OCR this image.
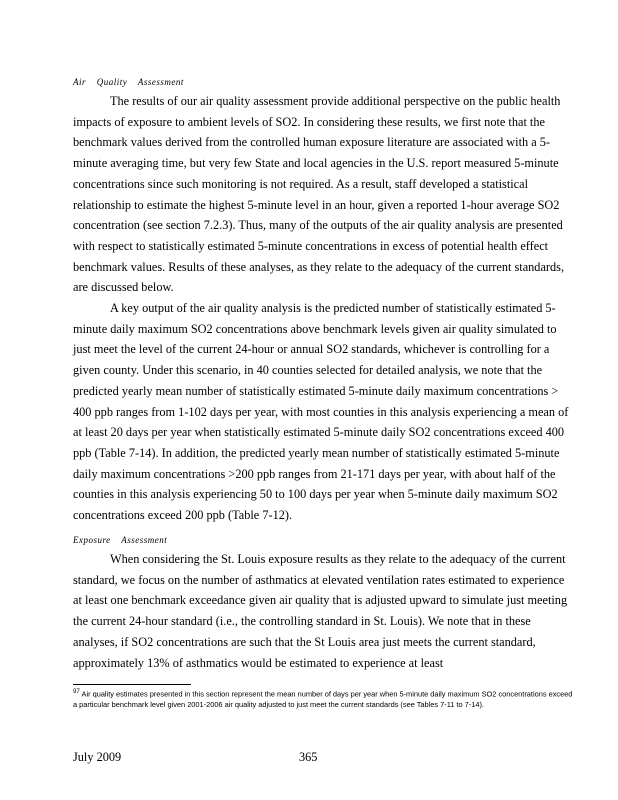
Air Quality Assessment

The results of our air quality assessment provide additional perspective on the public health impacts of exposure to ambient levels of SO2. In considering these results, we first note that the benchmark values derived from the controlled human exposure literature are associated with a 5-minute averaging time, but very few State and local agencies in the U.S. report measured 5-minute concentrations since such monitoring is not required. As a result, staff developed a statistical relationship to estimate the highest 5-minute level in an hour, given a reported 1-hour average SO2 concentration (see section 7.2.3). Thus, many of the outputs of the air quality analysis are presented with respect to statistically estimated 5-minute concentrations in excess of potential health effect benchmark values. Results of these analyses, as they relate to the adequacy of the current standards, are discussed below.

A key output of the air quality analysis is the predicted number of statistically estimated 5-minute daily maximum SO2 concentrations above benchmark levels given air quality simulated to just meet the level of the current 24-hour or annual SO2 standards, whichever is controlling for a given county. Under this scenario, in 40 counties selected for detailed analysis, we note that the predicted yearly mean number of statistically estimated 5-minute daily maximum concentrations > 400 ppb ranges from 1-102 days per year, with most counties in this analysis experiencing a mean of at least 20 days per year when statistically estimated 5-minute daily SO2 concentrations exceed 400 ppb (Table 7-14). In addition, the predicted yearly mean number of statistically estimated 5-minute daily maximum concentrations >200 ppb ranges from 21-171 days per year, with about half of the counties in this analysis experiencing 50 to 100 days per year when 5-minute daily maximum SO2 concentrations exceed 200 ppb (Table 7-12).

Exposure Assessment

When considering the St. Louis exposure results as they relate to the adequacy of the current standard, we focus on the number of asthmatics at elevated ventilation rates estimated to experience at least one benchmark exceedance given air quality that is adjusted upward to simulate just meeting the current 24-hour standard (i.e., the controlling standard in St. Louis). We note that in these analyses, if SO2 concentrations are such that the St Louis area just meets the current standard, approximately 13% of asthmatics would be estimated to experience at least

$^{97}$ Air quality estimates presented in this section represent the mean number of days per year when 5-minute daily maximum SO2 concentrations exceed a particular benchmark level given 2001-2006 air quality adjusted to just meet the current standards (see Tables 7-11 to 7-14).
July 2009	365
